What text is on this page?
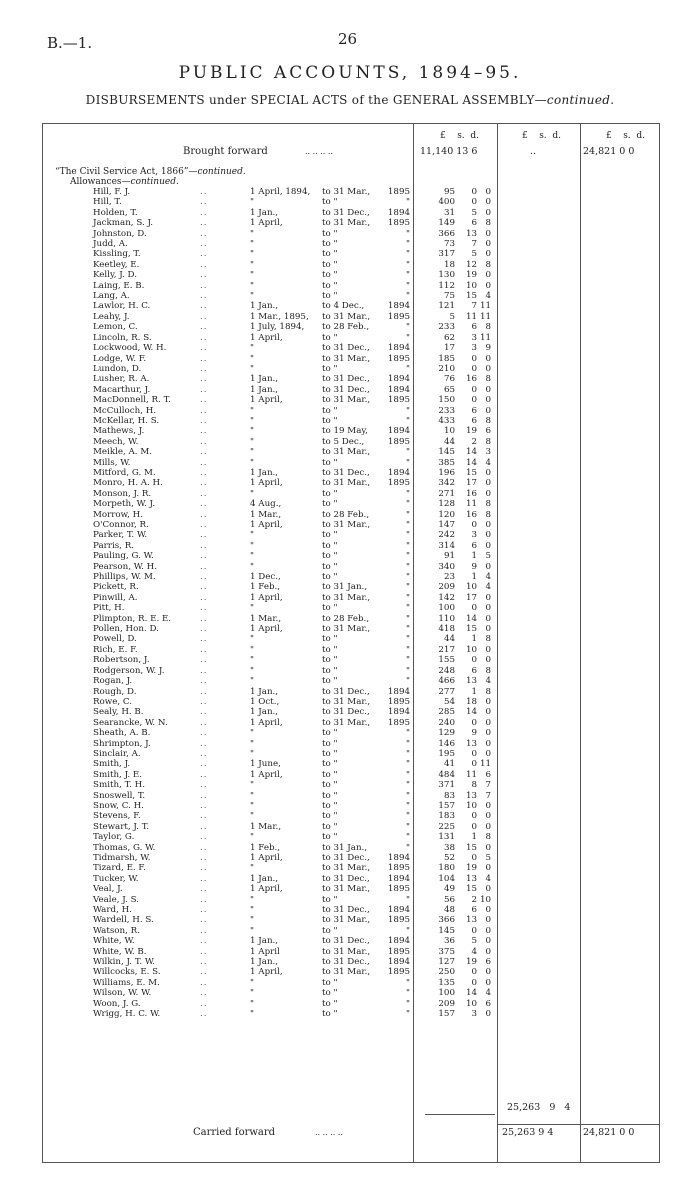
B.—1.	26
PUBLIC ACCOUNTS, 1894–95.
DISBURSEMENTS under SPECIAL ACTS of the GENERAL ASSEMBLY—continued.
£ s. d.	£ s. d.	£ s. d.
Brought forward	.. .. .. ..	11,140 13 6	..	24,821 0 0
“The Civil Service Act, 1866”—continued.
Allowances—continued.
Hill, F. J.	1 April, 1894, to 31 Mar.,	1895	95	0 0
..
Hill, T.	"	to "	"	400	0 0
..
Holden, T.	1 Jan.,	to 31 Dec.,	1894	31	5 0
..
Jackman, S. J.	1 April,	to 31 Mar.,	1895	149	6 8
..
Johnston, D.	"	to "	"	366	13 0
..
Judd, A.	"	to "	"	73	7 0
..
Kissling, T.	"	to "	"	317	5 0
..
Keetley, E.	"	to "	"	18	12 8
..
Kelly, J. D.	"	to "	"	130	19 0
..
Laing, E. B.	"	to "	"	112	10 0
..
Lang, A.	"	to "	"	75	15 4
..
Lawlor, H. C.	1 Jan.,	to 4 Dec.,	1894	121	7 11
..
Leahy, J.	1 Mar., 1895, to 31 Mar.,	1895	5	11 11
..
Lemon, C.	1 July, 1894, to 28 Feb.,	"	233	6 8
..
Lincoln, R. S.	1 April,	to "	"	62	3 11
..
Lockwood, W. H.	"	to 31 Dec.,	1894	17	3 9
..
Lodge, W. F.	"	to 31 Mar.,	1895	185	0 0
..
Lundon, D.	"	to "	"	210	0 0
..
Lusher, R. A.	1 Jan.,	to 31 Dec.,	1894	76	16 8
..
Macarthur, J.	1 Jan.,	to 31 Dec.,	1894	65	0 0
..
MacDonnell, R. T.	1 April,	to 31 Mar.,	1895	150	0 0
..
McCulloch, H.	"	to "	"	233	6 0
..
McKellar, H. S.	"	to "	"	433	6 8
..
Mathews, J.	"	to 19 May,	1894	10	19 6
..
Meech, W.	"	to 5 Dec.,	1895	44	2 8
..
Meikle, A. M.	"	to 31 Mar.,	"	145	14 3
..
Mills, W.	"	to "	"	385	14 4
..
Mitford, G. M.	1 Jan.,	to 31 Dec.,	1894	196	15 0
..
Monro, H. A. H.	1 April,	to 31 Mar.,	1895	342	17 0
..
Monson, J. R.	"	to "	"	271	16 0
..
Morpeth, W. J.	4 Aug.,	to "	"	128	11 8
..
Morrow, H.	1 Mar.,	to 28 Feb.,	"	120	16 8
..
O'Connor, R.	1 April,	to 31 Mar.,	"	147	0 0
..
Parker, T. W.	"	to "	"	242	3 0
..
Parris, R.	"	to "	"	314	6 0
..
Pauling, G. W.	"	to "	"	91	1 5
..
Pearson, W. H.	"	to "	"	340	9 0
..
Phillips, W. M.	1 Dec.,	to "	"	23	1 4
..
Pickett, R.	1 Feb.,	to 31 Jan.,	"	209	10 4
..
Pinwill, A.	1 April,	to 31 Mar.,	"	142	17 0
..
Pitt, H.	"	to "	"	100	0 0
..
Plimpton, R. E. E.	1 Mar.,	to 28 Feb.,	"	110	14 0
..
Pollen, Hon. D.	1 April,	to 31 Mar.,	"	418	15 0
..
Powell, D.	"	to "	"	44	1 8
..
Rich, E. F.	"	to "	"	217	10 0
..
Robertson, J.	"	to "	"	155	0 0
..
Rodgerson, W. J.	"	to "	"	248	6 8
..
Rogan, J.	"	to "	"	466	13 4
..
Rough, D.	1 Jan.,	to 31 Dec.,	1894	277	1 8
..
Rowe, C.	1 Oct.,	to 31 Mar.,	1895	54	18 0
..
Sealy, H. B.	1 Jan.,	to 31 Dec.,	1894	285	14 0
..
Searancke, W. N.	1 April,	to 31 Mar.,	1895	240	0 0
..
Sheath, A. B.	"	to "	"	129	9 0
..
Shrimpton, J.	"	to "	"	146	13 0
..
Sinclair, A.	"	to "	"	195	0 0
..
Smith, J.	1 June,	to "	"	41	0 11
..
Smith, J. E.	1 April,	to "	"	484	11 6
..
Smith, T. H.	"	to "	"	371	8 7
..
Snoswell, T.	"	to "	"	83	13 7
..
Snow, C. H.	"	to "	"	157	10 0
..
Stevens, F.	"	to "	"	183	0 0
..
Stewart, J. T.	1 Mar.,	to "	"	225	0 0
..
Taylor, G.	"	to "	"	131	1 8
..
Thomas, G. W.	1 Feb.,	to 31 Jan.,	"	38	15 0
..
Tidmarsh, W.	1 April,	to 31 Dec.,	1894	52	0 5
..
Tizard, E. F.	"	to 31 Mar.,	1895	180	19 0
..
Tucker, W.	1 Jan.,	to 31 Dec.,	1894	104	13 4
..
Veal, J.	1 April,	to 31 Mar.,	1895	49	15 0
..
Veale, J. S.	"	to "	"	56	2 10
..
Ward, H.	"	to 31 Dec.,	1894	48	6 0
..
Wardell, H. S.	"	to 31 Mar.,	1895	366	13 0
..
Watson, R.	"	to "	"	145	0 0
..
White, W.	1 Jan.,	to 31 Dec.,	1894	36	5 0
..
White, W. B.	1 April	to 31 Mar.,	1895	375	4 0
..
Wilkin, J. T. W.	1 Jan.,	to 31 Dec.,	1894	127	19 6
..
Willcocks, E. S.	1 April,	to 31 Mar.,	1895	250	0 0
..
Williams, E. M.	"	to "	"	135	0 0
..
Wilson, W. W.	"	to "	"	100	14 4
..
Woon, J. G.	"	to "	"	209	10 6
..
Wrigg, H. C. W.	"	to "	"	157	3 0
..
25,263 9 4
Carried forward	.. .. .. ..	25,263 9 4	24,821 0 0
